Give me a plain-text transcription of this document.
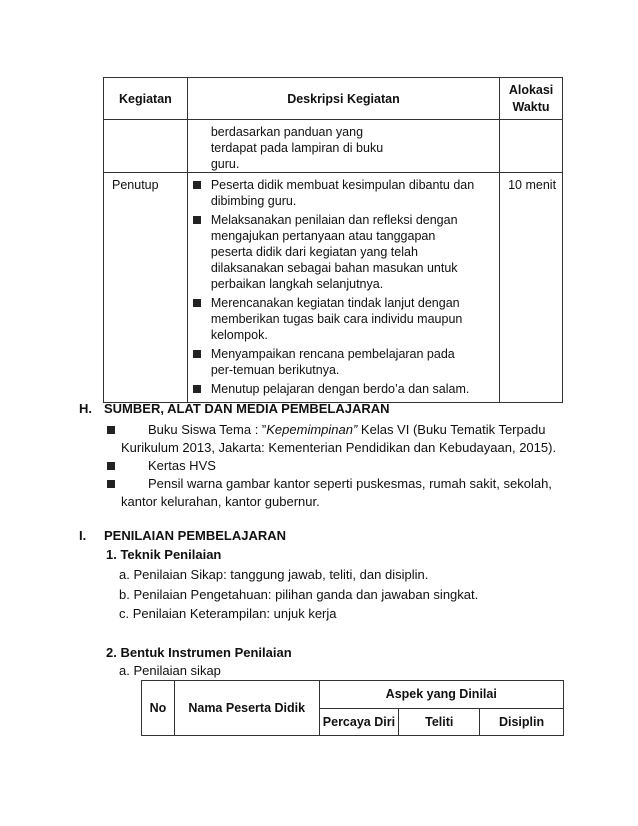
Kegiatan	Deskripsi Kegiatan	Alokasi
Waktu

	berdasarkan panduan yang terdapat pada lampiran di buku guru.	

Penutup	Peserta didik membuat kesimpulan dibantu dan dibimbing guru.
Melaksanakan penilaian dan refleksi dengan mengajukan pertanyaan atau tanggapan peserta didik dari kegiatan yang telah dilaksanakan sebagai bahan masukan untuk perbaikan langkah selanjutnya.
Merencanakan kegiatan tindak lanjut dengan memberikan tugas baik cara individu maupun kelompok.
Menyampaikan rencana pembelajaran pada per-temuan berikutnya.
Menutup pelajaran dengan berdo’a dan salam.	10 menit
H. SUMBER, ALAT DAN MEDIA PEMBELAJARAN
Buku Siswa Tema : ”Kepemimpinan” Kelas VI (Buku Tematik Terpadu
Kurikulum 2013, Jakarta: Kementerian Pendidikan dan Kebudayaan, 2015).
Kertas HVS
Pensil warna gambar kantor seperti puskesmas, rumah sakit, sekolah,
kantor kelurahan, kantor gubernur.
I. PENILAIAN PEMBELAJARAN
1. Teknik Penilaian
a. Penilaian Sikap: tanggung jawab, teliti, dan disiplin.
b. Penilaian Pengetahuan: pilihan ganda dan jawaban singkat.
c. Penilaian Keterampilan: unjuk kerja
2. Bentuk Instrumen Penilaian
a. Penilaian sikap
No	Nama Peserta Didik	Aspek yang Dinilai		
		Percaya Diri	Teliti	Disiplin
